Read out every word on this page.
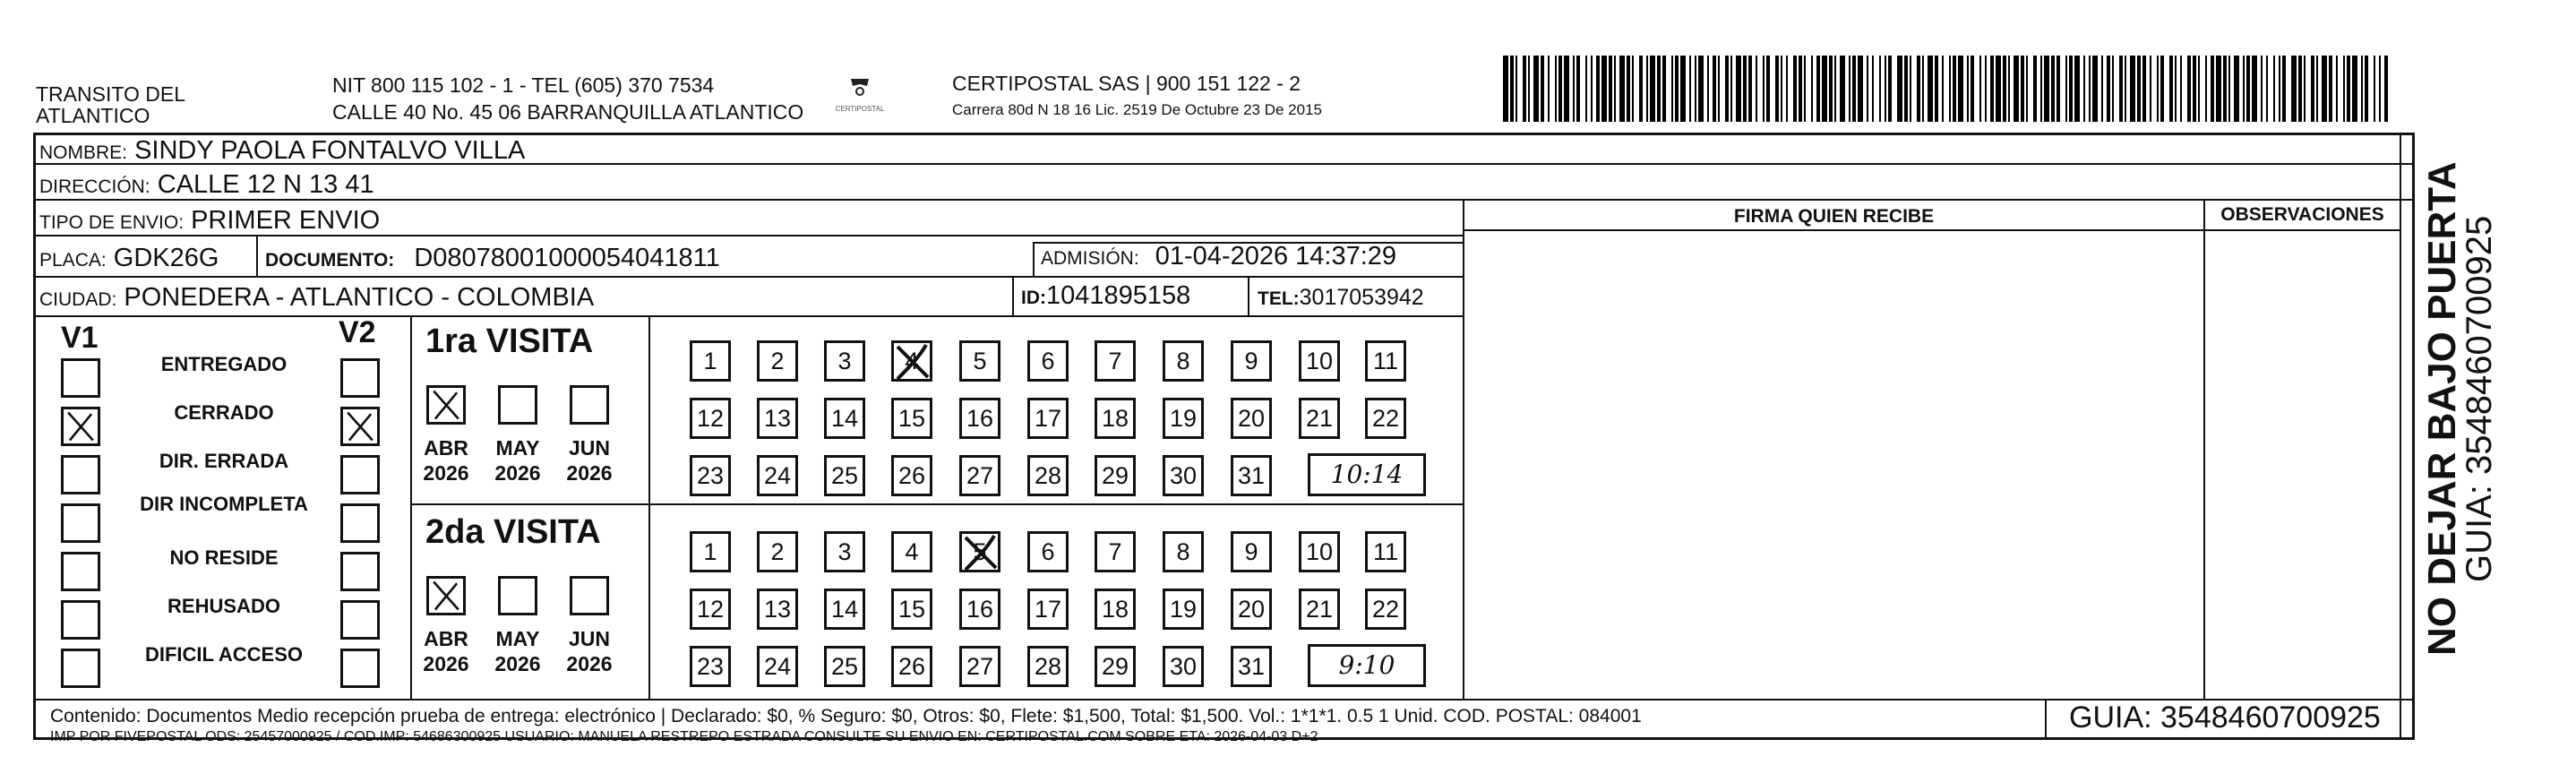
TRANSITO DEL
ATLANTICO
NIT 800 115 102 - 1 - TEL (605) 370 7534
CALLE 40 No. 45 06 BARRANQUILLA ATLANTICO	CERTIPOSTAL
CERTIPOSTAL SAS | 900 151 122 - 2
Carrera 80d N 18 16 Lic. 2519 De Octubre 23 De 2015
NOMBRE: SINDY PAOLA FONTALVO VILLA
DIRECCIÓN: CALLE 12 N 13 41
TIPO DE ENVIO: PRIMER ENVIO
PLACA: GDK26G DOCUMENTO: D08078001000054041811	ADMISIÓN: 01-04-2026 14:37:29
CIUDAD: PONEDERA - ATLANTICO - COLOMBIA	ID:1041895158	TEL:3017053942
FIRMA QUIEN RECIBE	OBSERVACIONES
V1	V2
ENTREGADO
CERRADO
DIR. ERRADA
DIR INCOMPLETA
NO RESIDE
REHUSADO
DIFICIL ACCESO
1ra VISITA
ABR
2026
MAY
2026
JUN
2026
1	2	3	4	5	6	7	8	9	10	11
12 13 14 15 16 17 18 19 20 21 22
23 24 25 26 27 28 29 30 31	10:14
2da VISITA
ABR
2026
MAY
2026
JUN
2026
1	2	3	4	5	6	7	8	9	10	11
12 13 14 15 16 17 18 19 20 21 22
23 24 25 26 27 28 29 30 31	9:10
Contenido: Documentos Medio recepción prueba de entrega: electrónico | Declarado: $0, % Seguro: $0, Otros: $0, Flete: $1,500, Total: $1,500. Vol.: 1*1*1. 0.5 1 Unid. COD. POSTAL: 084001
IMP POR FIVEPOSTAL ODS: 25457000925 / COD.IMP: 54686300925 USUARIO: MANUELA RESTREPO ESTRADA CONSULTE SU ENVIO EN: CERTIPOSTAL.COM SOBRE ETA: 2026-04-03 D+2
GUIA: 3548460700925
NO DEJAR BAJO PUERTA
GUIA: 3548460700925
